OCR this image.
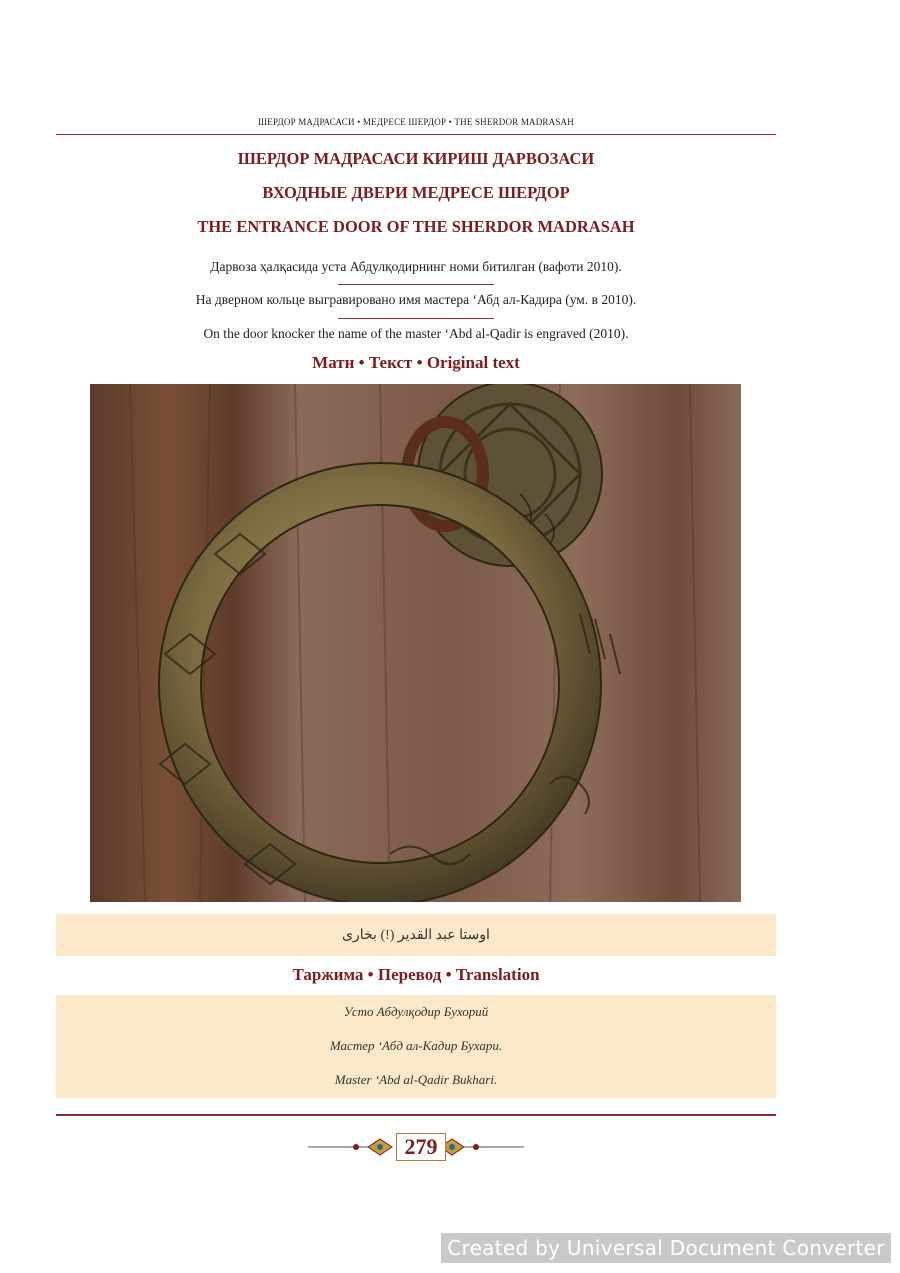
ШЕРДОР МАДРАСАСИ • МЕДРЕСЕ ШЕРДОР • THE SHERDOR MADRASAH
ШЕРДОР МАДРАСАСИ КИРИШ ДАРВОЗАСИ
ВХОДНЫЕ ДВЕРИ МЕДРЕСЕ ШЕРДОР
THE ENTRANCE DOOR OF THE SHERDOR MADRASAH
Дарвоза ҳалқасида уста Абдулқодирнинг номи битилган (вафоти 2010).
На дверном кольце выгравировано имя мастера ʻАбд ал-Кадира (ум. в 2010).
On the door knocker the name of the master ʻAbd al-Qadir is engraved (2010).
Матн • Текст • Original text
اوستا عبد القدير (!) بخارى
Таржима • Перевод • Translation
Усто Абдулқодир Бухорий
Мастер ʻАбд ал-Кадир Бухари.
Master ʻAbd al-Qadir Bukhari.
279
Created by Universal Document Converter
